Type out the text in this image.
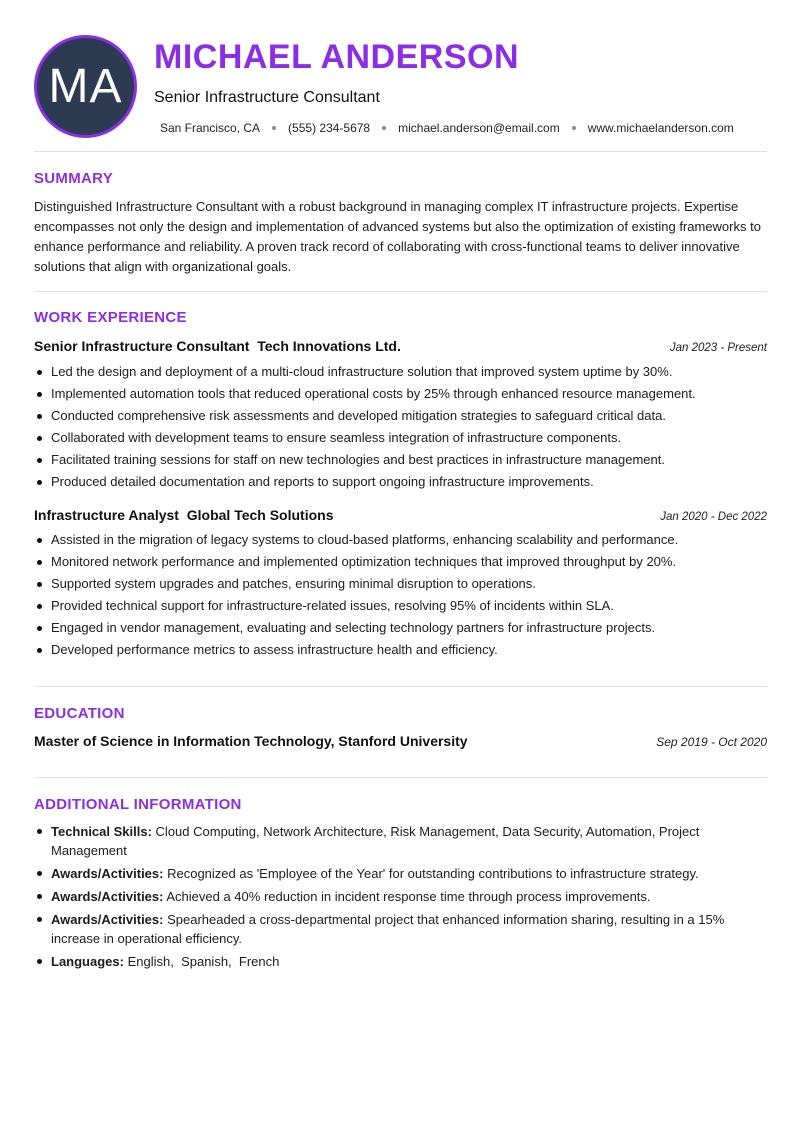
MA
MICHAEL ANDERSON
Senior Infrastructure Consultant
San Francisco, CA (555) 234-5678 michael.anderson@email.com www.michaelanderson.com
SUMMARY
Distinguished Infrastructure Consultant with a robust background in managing complex IT infrastructure projects. Expertise encompasses not only the design and implementation of advanced systems but also the optimization of existing frameworks to enhance performance and reliability. A proven track record of collaborating with cross-functional teams to deliver innovative solutions that align with organizational goals.
WORK EXPERIENCE
Senior Infrastructure Consultant  Tech Innovations Ltd.	Jan 2023 - Present
Led the design and deployment of a multi-cloud infrastructure solution that improved system uptime by 30%.
Implemented automation tools that reduced operational costs by 25% through enhanced resource management.
Conducted comprehensive risk assessments and developed mitigation strategies to safeguard critical data.
Collaborated with development teams to ensure seamless integration of infrastructure components.
Facilitated training sessions for staff on new technologies and best practices in infrastructure management.
Produced detailed documentation and reports to support ongoing infrastructure improvements.
Infrastructure Analyst  Global Tech Solutions	Jan 2020 - Dec 2022
Assisted in the migration of legacy systems to cloud-based platforms, enhancing scalability and performance.
Monitored network performance and implemented optimization techniques that improved throughput by 20%.
Supported system upgrades and patches, ensuring minimal disruption to operations.
Provided technical support for infrastructure-related issues, resolving 95% of incidents within SLA.
Engaged in vendor management, evaluating and selecting technology partners for infrastructure projects.
Developed performance metrics to assess infrastructure health and efficiency.
EDUCATION
Master of Science in Information Technology, Stanford University	Sep 2019 - Oct 2020
ADDITIONAL INFORMATION
Technical Skills: Cloud Computing, Network Architecture, Risk Management, Data Security, Automation, Project Management
Awards/Activities: Recognized as 'Employee of the Year' for outstanding contributions to infrastructure strategy.
Awards/Activities: Achieved a 40% reduction in incident response time through process improvements.
Awards/Activities: Spearheaded a cross-departmental project that enhanced information sharing, resulting in a 15% increase in operational efficiency.
Languages: English,  Spanish,  French
